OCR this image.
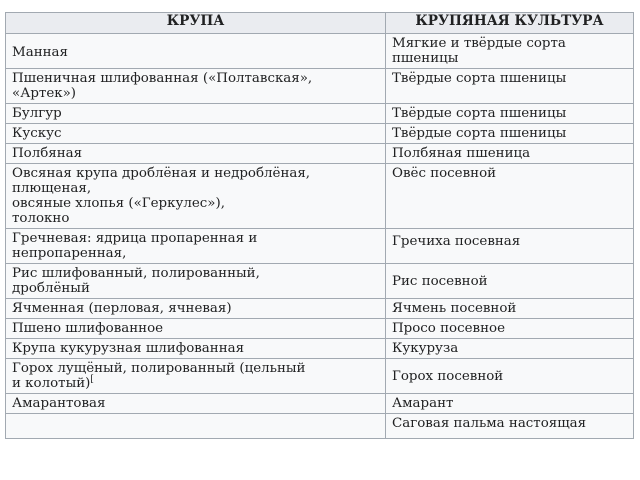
КРУПА	КРУПЯНАЯ КУЛЬТУРА

Манная	Мягкие и твёрдые сорта
пшеницы

Пшеничная шлифованная («Полтавская»,
«Артек»)	Твёрдые сорта пшеницы

Булгур	Твёрдые сорта пшеницы

Кускус	Твёрдые сорта пшеницы

Полбяная	Полбяная пшеница

Овсяная крупа дроблёная и недроблёная,
плющеная,
овсяные хлопья («Геркулес»),
толокно	Овёс посевной

Гречневая: ядрица пропаренная и
непропаренная,	Гречиха посевная

Рис шлифованный, полированный,
дроблёный	Рис посевной

Ячменная (перловая, ячневая)	Ячмень посевной

Пшено шлифованное	Просо посевное

Крупа кукурузная шлифованная	Кукуруза

Горох лущёный, полированный (цельный
и колотый)[	Горох посевной

Амарантовая	Амарант

	Саговая пальма настоящая
